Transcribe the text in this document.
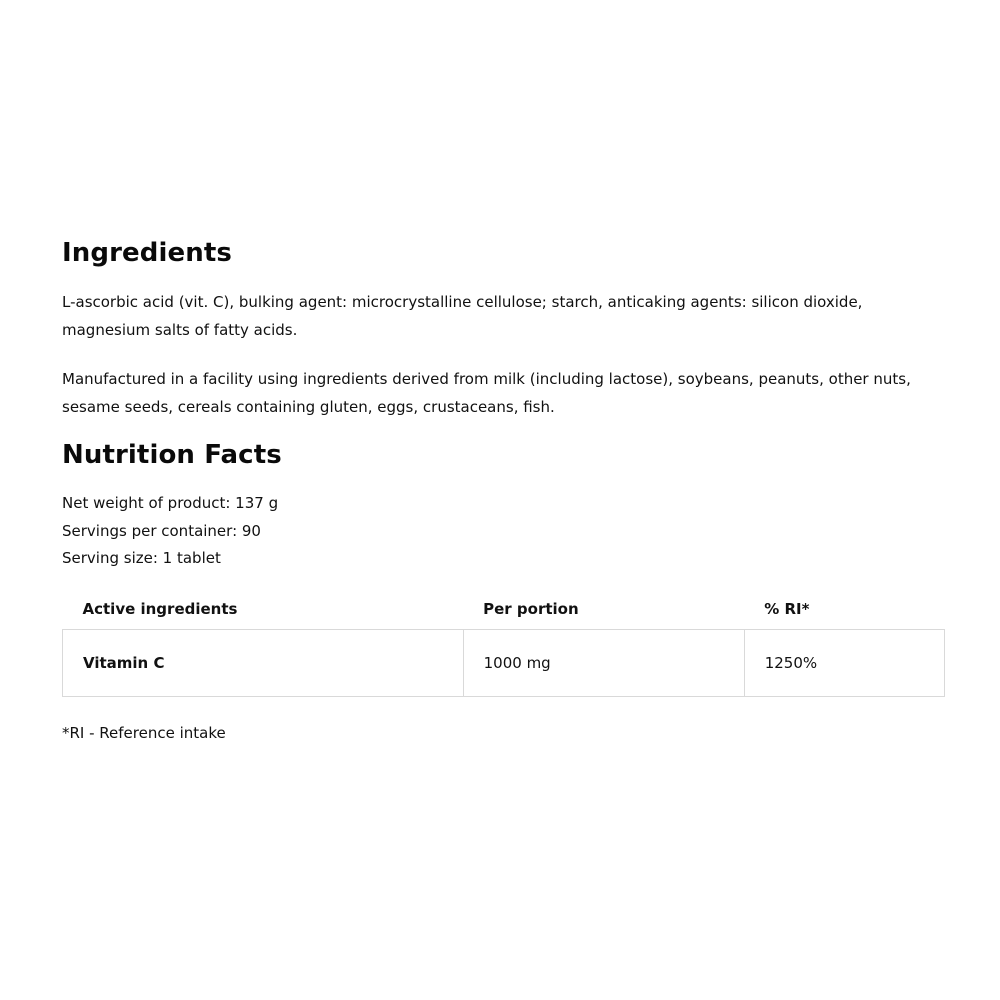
Ingredients

L-ascorbic acid (vit. C), bulking agent: microcrystalline cellulose; starch, anticaking agents: silicon dioxide, magnesium salts of fatty acids.

Manufactured in a facility using ingredients derived from milk (including lactose), soybeans, peanuts, other nuts, sesame seeds, cereals containing gluten, eggs, crustaceans, fish.

Nutrition Facts
Net weight of product: 137 g
Servings per container: 90
Serving size: 1 tablet
Active ingredients	Per portion	% RI*
Vitamin C	1000 mg	1250%
*RI - Reference intake
